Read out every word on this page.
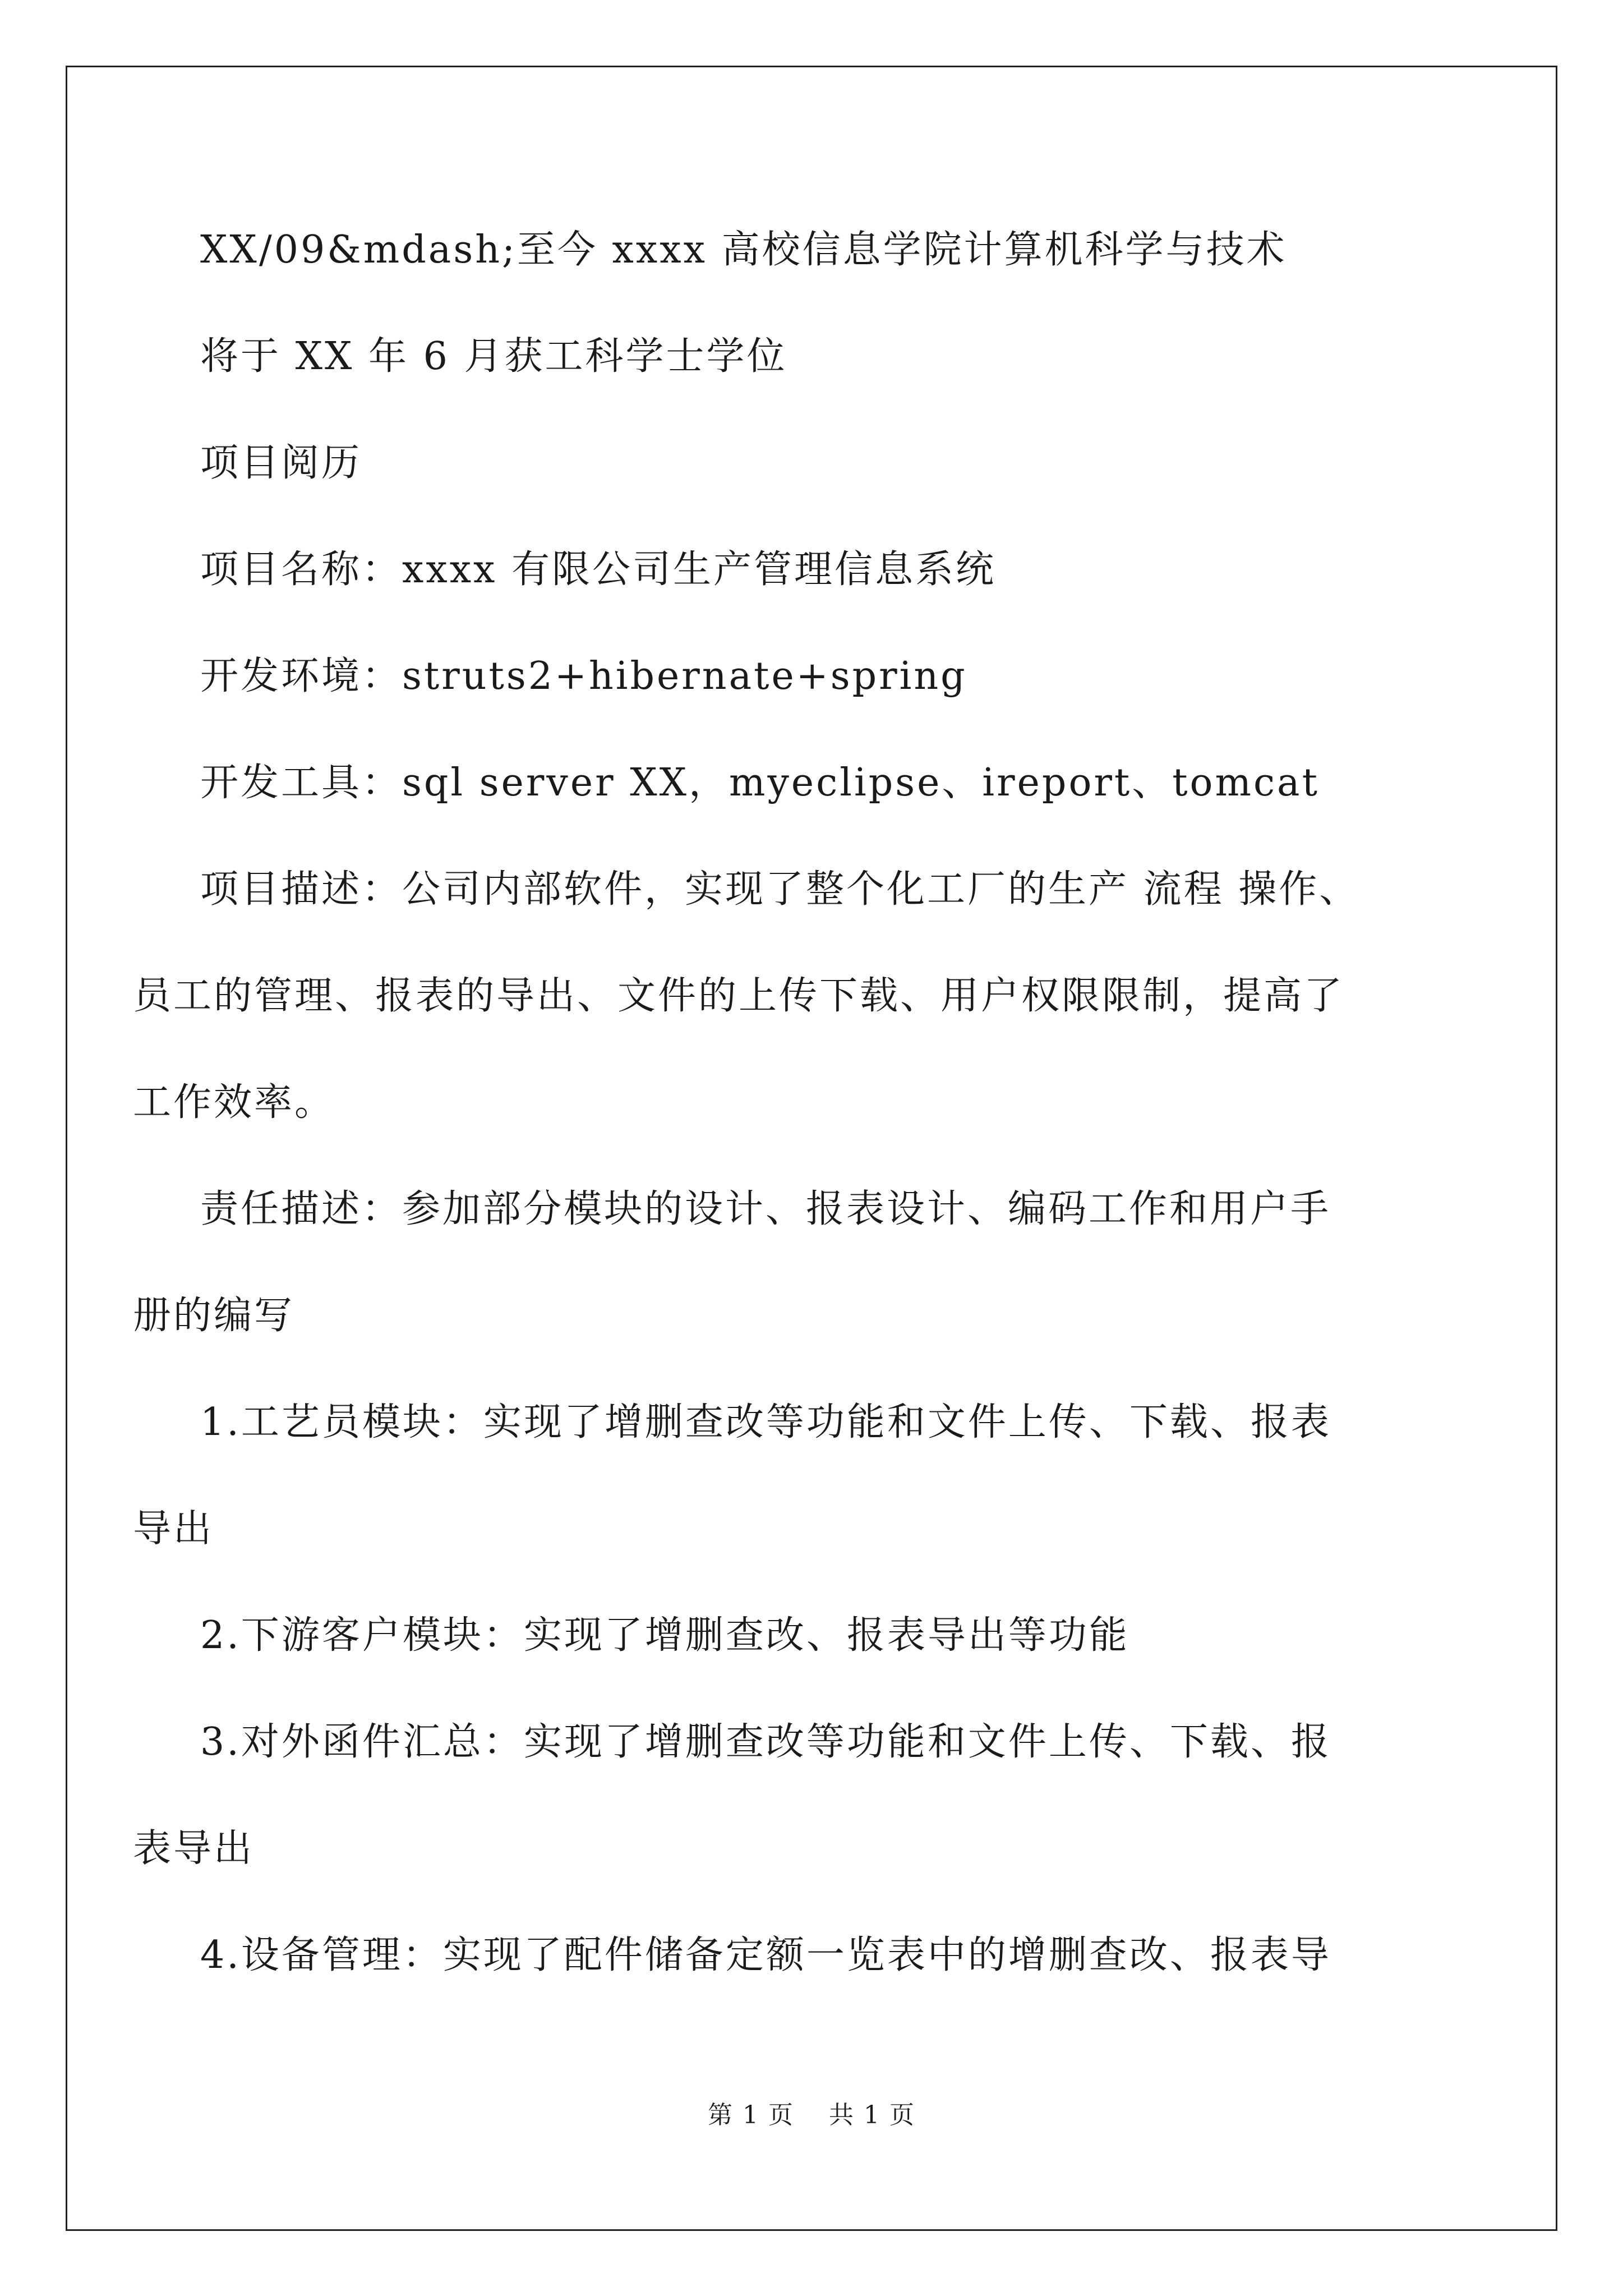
XX/09&mdash;至今 xxxx 高校信息学院计算机科学与技术
将于 XX 年 6 月获工科学士学位
项目阅历
项目名称：xxxx 有限公司生产管理信息系统
开发环境：struts2+hibernate+spring
开发工具：sql server XX，myeclipse、ireport、tomcat
项目描述：公司内部软件，实现了整个化工厂的生产 流程 操作、
员工的管理、报表的导出、文件的上传下载、用户权限限制，提高了
工作效率。
责任描述：参加部分模块的设计、报表设计、编码工作和用户手
册的编写
1.工艺员模块：实现了增删查改等功能和文件上传、下载、报表
导出
2.下游客户模块：实现了增删查改、报表导出等功能
3.对外函件汇总：实现了增删查改等功能和文件上传、下载、报
表导出
4.设备管理：实现了配件储备定额一览表中的增删查改、报表导
第 1 页　 共 1 页
